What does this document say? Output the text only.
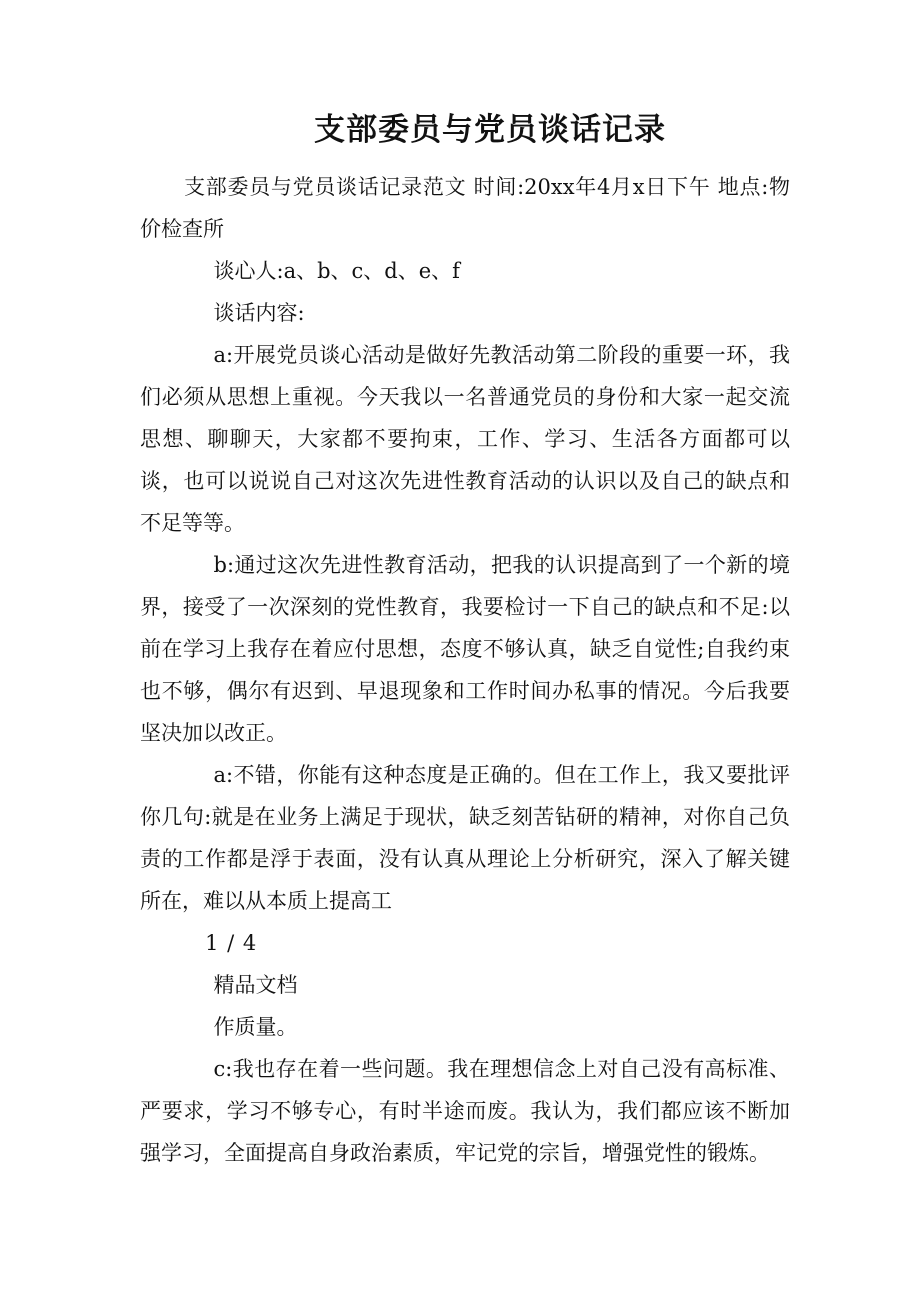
支部委员与党员谈话记录

支部委员与党员谈话记录范文 时间:20xx年4月x日下午 地点:物价检查所

谈心人:a、b、c、d、e、f

谈话内容:

a:开展党员谈心活动是做好先教活动第二阶段的重要一环，我们必须从思想上重视。今天我以一名普通党员的身份和大家一起交流思想、聊聊天，大家都不要拘束，工作、学习、生活各方面都可以谈，也可以说说自己对这次先进性教育活动的认识以及自己的缺点和不足等等。

b:通过这次先进性教育活动，把我的认识提高到了一个新的境界，接受了一次深刻的党性教育，我要检讨一下自己的缺点和不足:以前在学习上我存在着应付思想，态度不够认真，缺乏自觉性;自我约束也不够，偶尔有迟到、早退现象和工作时间办私事的情况。今后我要坚决加以改正。

a:不错，你能有这种态度是正确的。但在工作上，我又要批评你几句:就是在业务上满足于现状，缺乏刻苦钻研的精神，对你自己负责的工作都是浮于表面，没有认真从理论上分析研究，深入了解关键所在，难以从本质上提高工

1 / 4

精品文档

作质量。

c:我也存在着一些问题。我在理想信念上对自己没有高标准、严要求，学习不够专心，有时半途而废。我认为，我们都应该不断加强学习，全面提高自身政治素质，牢记党的宗旨，增强党性的锻炼。
